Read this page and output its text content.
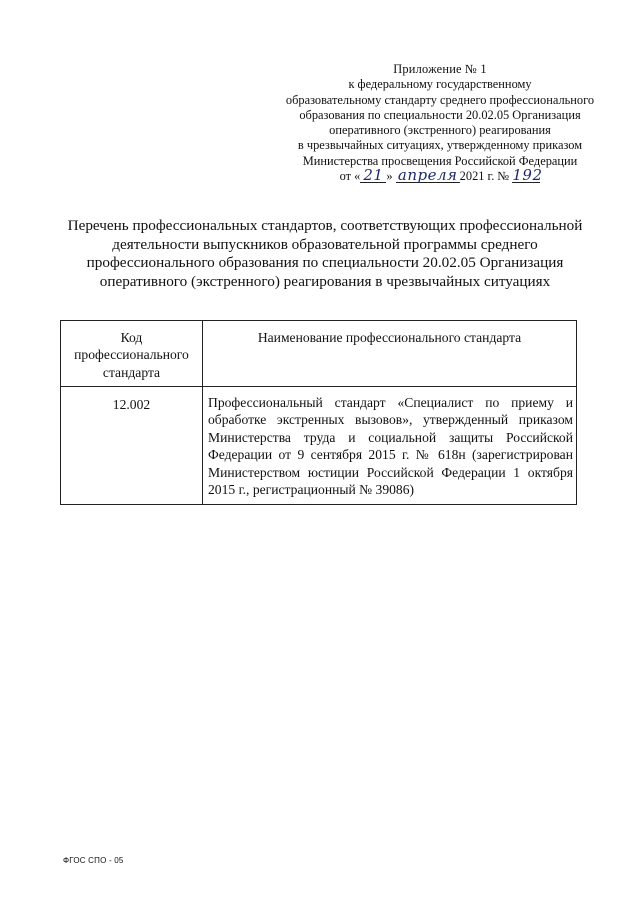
Приложение № 1
к федеральному государственному
образовательному стандарту среднего профессионального
образования по специальности 20.02.05 Организация
оперативного (экстренного) реагирования
в чрезвычайных ситуациях, утвержденному приказом
Министерства просвещения Российской Федерации
от « 21 » апреля 2021 г. № 192
Перечень профессиональных стандартов, соответствующих профессиональной
деятельности выпускников образовательной программы среднего
профессионального образования по специальности 20.02.05 Организация
оперативного (экстренного) реагирования в чрезвычайных ситуациях
Код
профессионального
стандарта	Наименование профессионального стандарта
12.002	Профессиональный стандарт «Специалист по приему и обработке экстренных вызовов», утвержденный приказом Министерства труда и социальной защиты Российской Федерации от 9 сентября 2015 г. № 618н (зарегистрирован Министерством юстиции Российской Федерации 1 октября 2015 г., регистрационный № 39086)
ФГОС СПО - 05
